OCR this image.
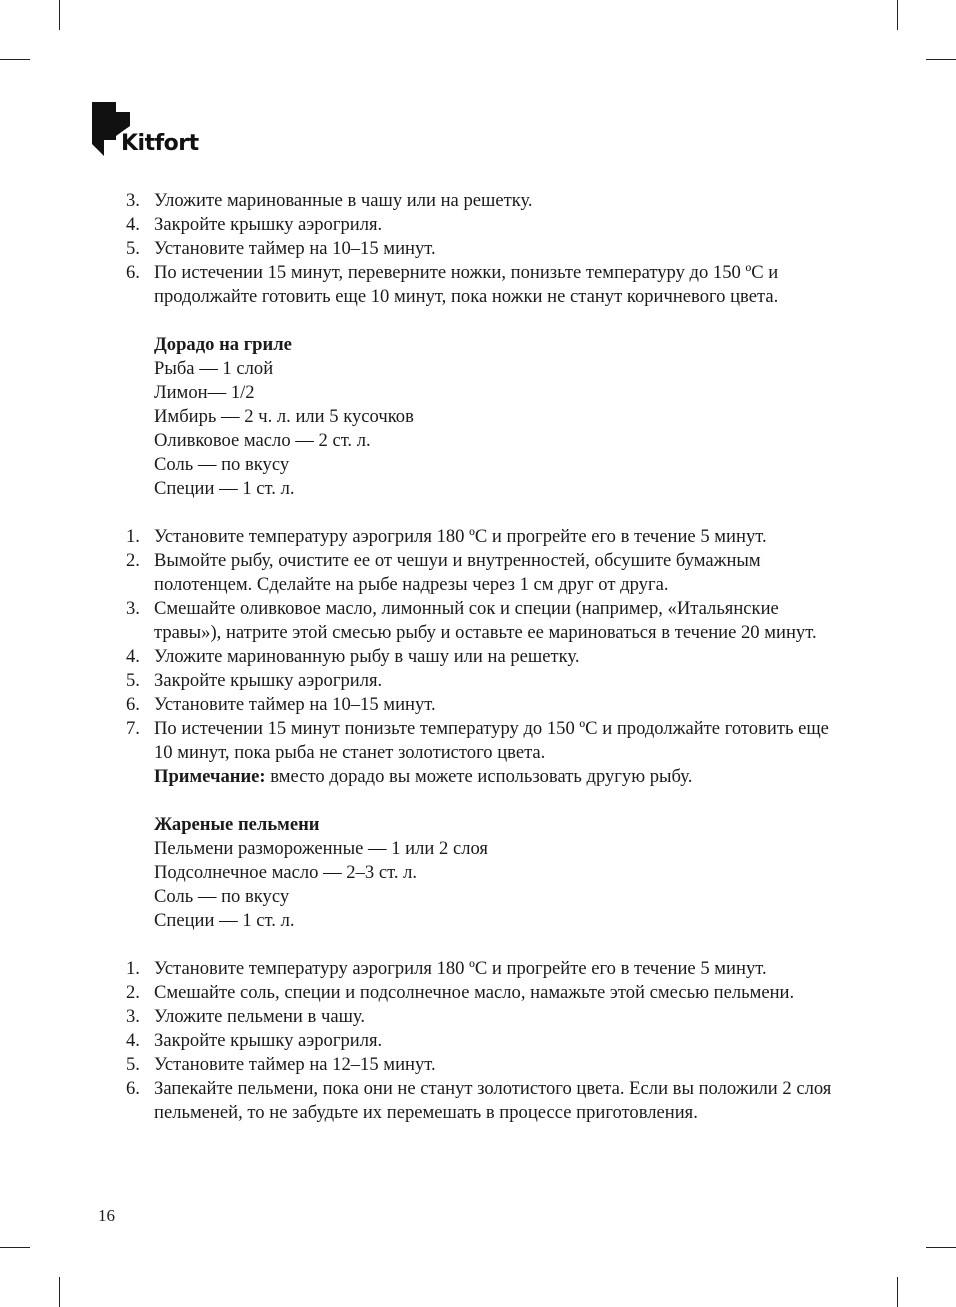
Kitfort
3. Уложите маринованные в чашу или на решетку.
4. Закройте крышку аэрогриля.
5. Установите таймер на 10–15 минут.
6. По истечении 15 минут, переверните ножки, понизьте температуру до 150 ºС и продолжайте готовить еще 10 минут, пока ножки не станут коричневого цвета.
Дорадо на гриле
Рыба — 1 слой
Лимон— 1/2
Имбирь — 2 ч. л. или 5 кусочков
Оливковое масло — 2 ст. л.
Соль — по вкусу
Специи — 1 ст. л.
1. Установите температуру аэрогриля 180 ºС и прогрейте его в течение 5 минут.
2. Вымойте рыбу, очистите ее от чешуи и внутренностей, обсушите бумажным полотенцем. Сделайте на рыбе надрезы через 1 см друг от друга.
3. Смешайте оливковое масло, лимонный сок и специи (например, «Итальянские травы»), натрите этой смесью рыбу и оставьте ее мариноваться в течение 20 минут.
4. Уложите маринованную рыбу в чашу или на решетку.
5. Закройте крышку аэрогриля.
6. Установите таймер на 10–15 минут.
7. По истечении 15 минут понизьте температуру до 150 ºС и продолжайте готовить еще 10 минут, пока рыба не станет золотистого цвета.
Примечание: вместо дорадо вы можете использовать другую рыбу.
Жареные пельмени
Пельмени размороженные — 1 или 2 слоя
Подсолнечное масло — 2–3 ст. л.
Соль — по вкусу
Специи — 1 ст. л.
1. Установите температуру аэрогриля 180 ºС и прогрейте его в течение 5 минут.
2. Смешайте соль, специи и подсолнечное масло, намажьте этой смесью пельмени.
3. Уложите пельмени в чашу.
4. Закройте крышку аэрогриля.
5. Установите таймер на 12–15 минут.
6. Запекайте пельмени, пока они не станут золотистого цвета. Если вы положили 2 слоя пельменей, то не забудьте их перемешать в процессе приготовления.
16
